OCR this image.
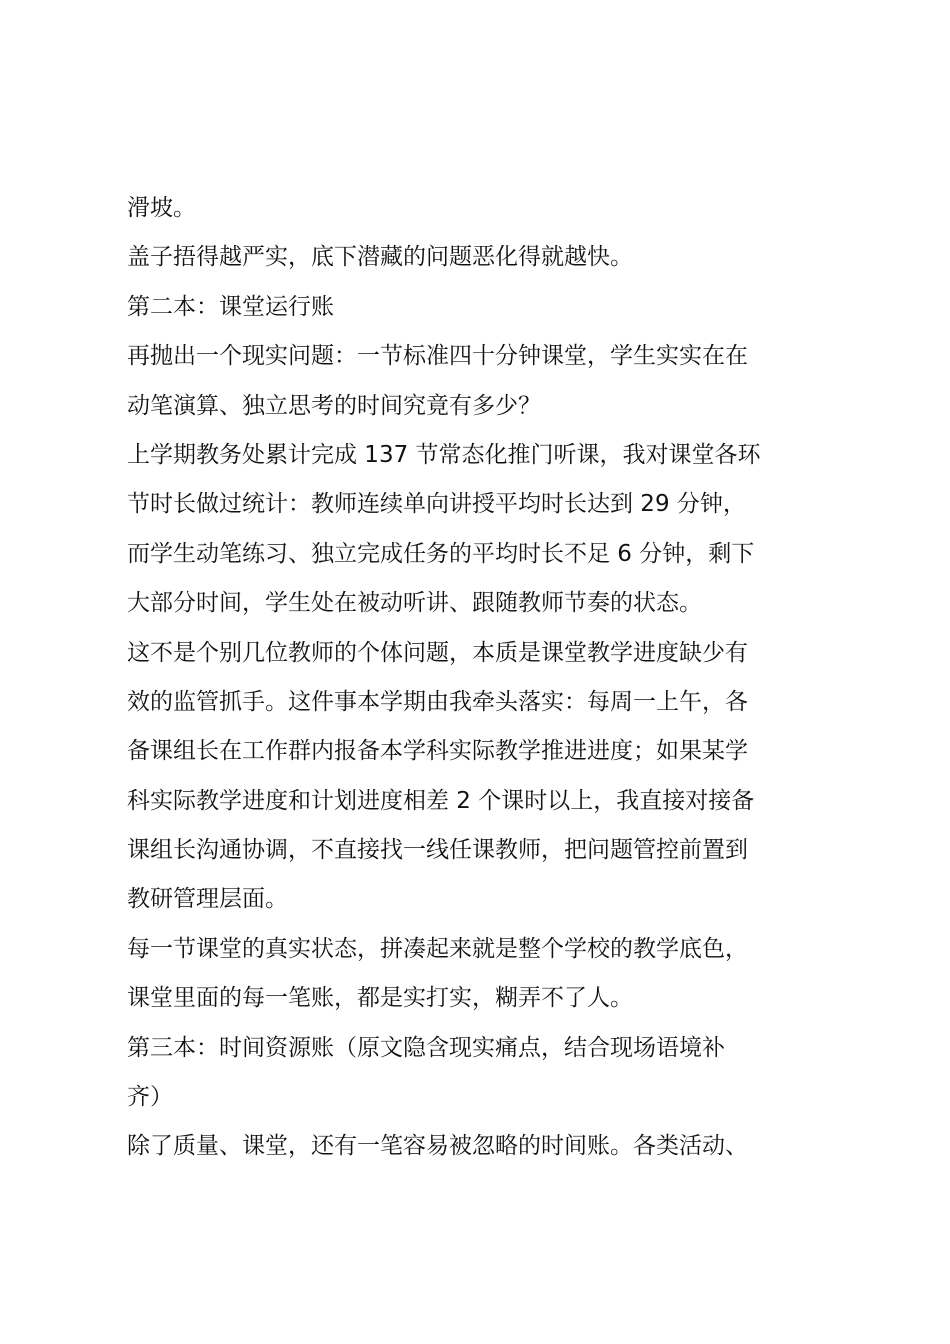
滑坡。
盖子捂得越严实，底下潜藏的问题恶化得就越快。
第二本：课堂运行账
再抛出一个现实问题：一节标准四十分钟课堂，学生实实在在
动笔演算、独立思考的时间究竟有多少？
上学期教务处累计完成 137 节常态化推门听课，我对课堂各环
节时长做过统计：教师连续单向讲授平均时长达到 29 分钟，
而学生动笔练习、独立完成任务的平均时长不足 6 分钟，剩下
大部分时间，学生处在被动听讲、跟随教师节奏的状态。
这不是个别几位教师的个体问题，本质是课堂教学进度缺少有
效的监管抓手。这件事本学期由我牵头落实：每周一上午，各
备课组长在工作群内报备本学科实际教学推进进度；如果某学
科实际教学进度和计划进度相差 2 个课时以上，我直接对接备
课组长沟通协调，不直接找一线任课教师，把问题管控前置到
教研管理层面。
每一节课堂的真实状态，拼凑起来就是整个学校的教学底色，
课堂里面的每一笔账，都是实打实，糊弄不了人。
第三本：时间资源账（原文隐含现实痛点，结合现场语境补
齐）
除了质量、课堂，还有一笔容易被忽略的时间账。各类活动、
